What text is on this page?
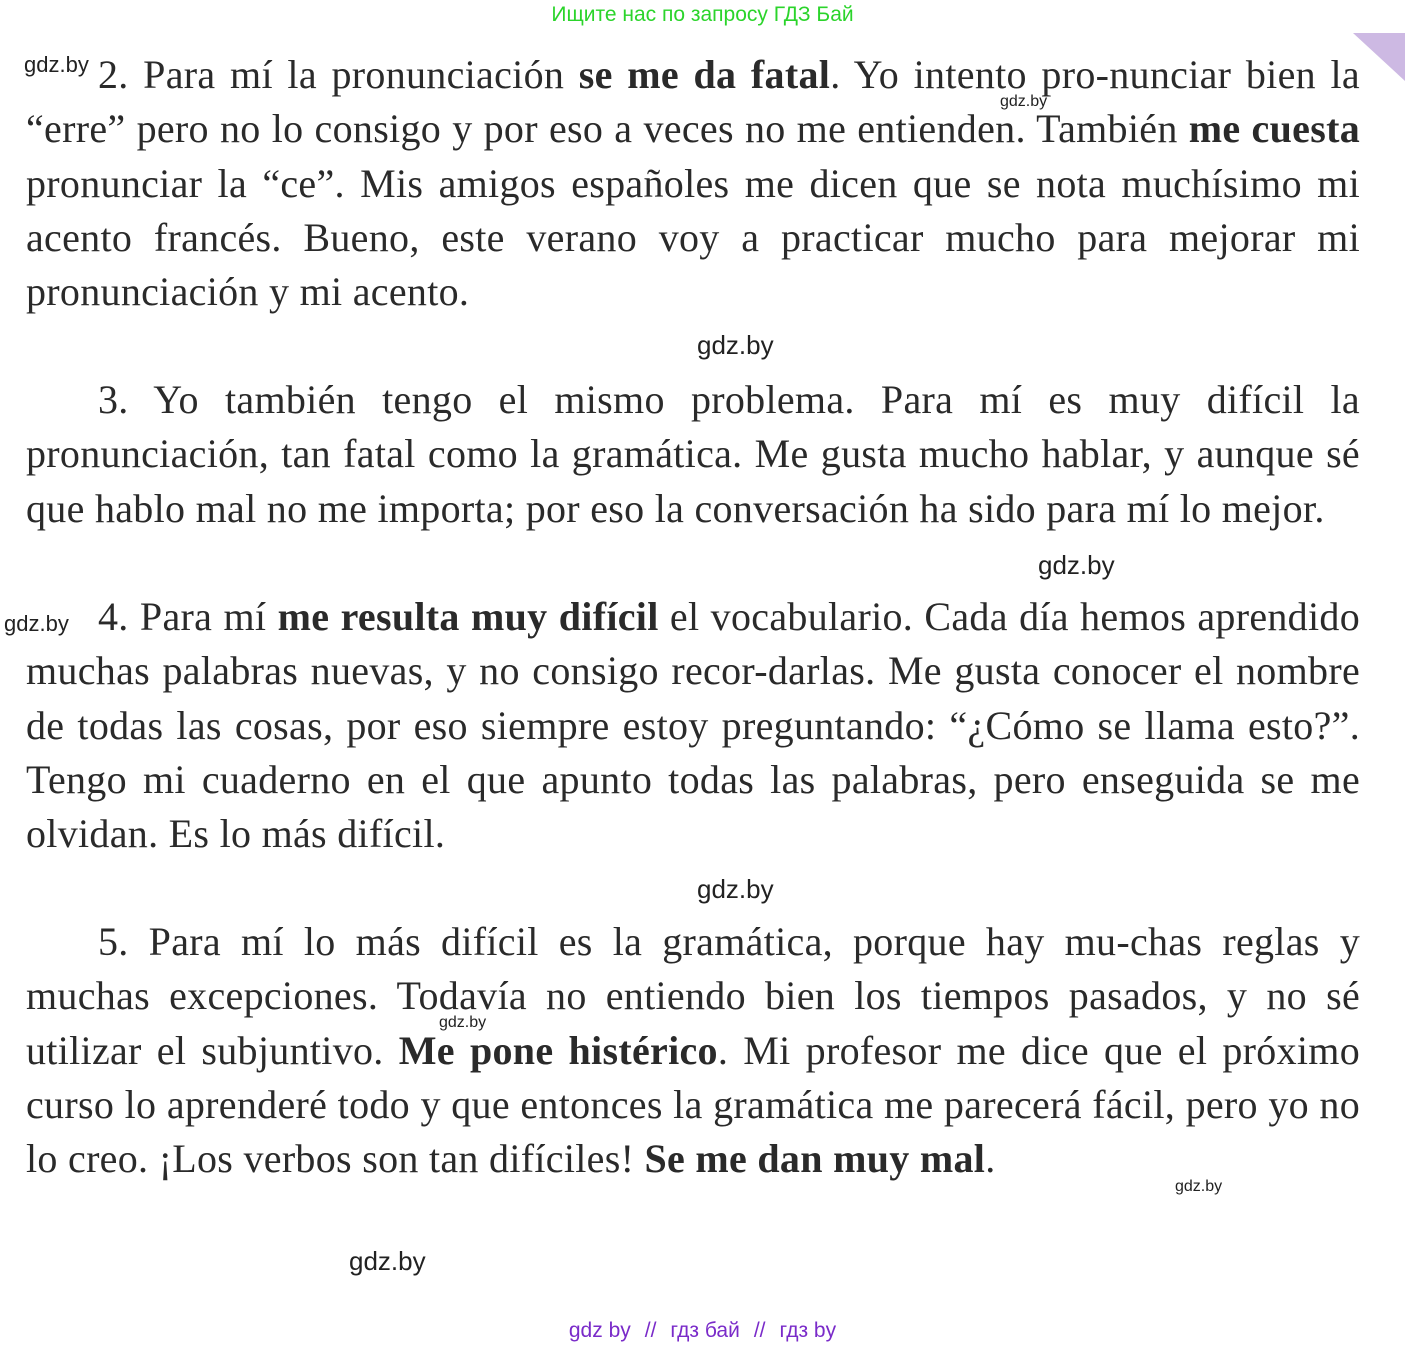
Ищите нас по запросу ГДЗ Бай

2. Para mí la pronunciación se me da fatal. Yo intento pro-nunciar bien la “erre” pero no lo consigo y por eso a veces no me entienden. También me cuesta pronunciar la “ce”. Mis amigos españoles me dicen que se nota muchísimo mi acento francés. Bueno, este verano voy a practicar mucho para mejorar mi pronunciación y mi acento.

3. Yo también tengo el mismo problema. Para mí es muy difícil la pronunciación, tan fatal como la gramática. Me gusta mucho hablar, y aunque sé que hablo mal no me importa; por eso la conversación ha sido para mí lo mejor.

4. Para mí me resulta muy difícil el vocabulario. Cada día hemos aprendido muchas palabras nuevas, y no consigo recor-darlas. Me gusta conocer el nombre de todas las cosas, por eso siempre estoy preguntando: “¿Cómo se llama esto?”. Tengo mi cuaderno en el que apunto todas las palabras, pero enseguida se me olvidan. Es lo más difícil.

5. Para mí lo más difícil es la gramática, porque hay mu-chas reglas y muchas excepciones. Todavía no entiendo bien los tiempos pasados, y no sé utilizar el subjuntivo. Me pone histérico. Mi profesor me dice que el próximo curso lo aprenderé todo y que entonces la gramática me parecerá fácil, pero yo no lo creo. ¡Los verbos son tan difíciles! Se me dan muy mal.

gdz.by
gdz.by
gdz.by
gdz.by
gdz.by
gdz.by
gdz.by
gdz.by
gdz.by
gdz by // гдз бай // гдз by
